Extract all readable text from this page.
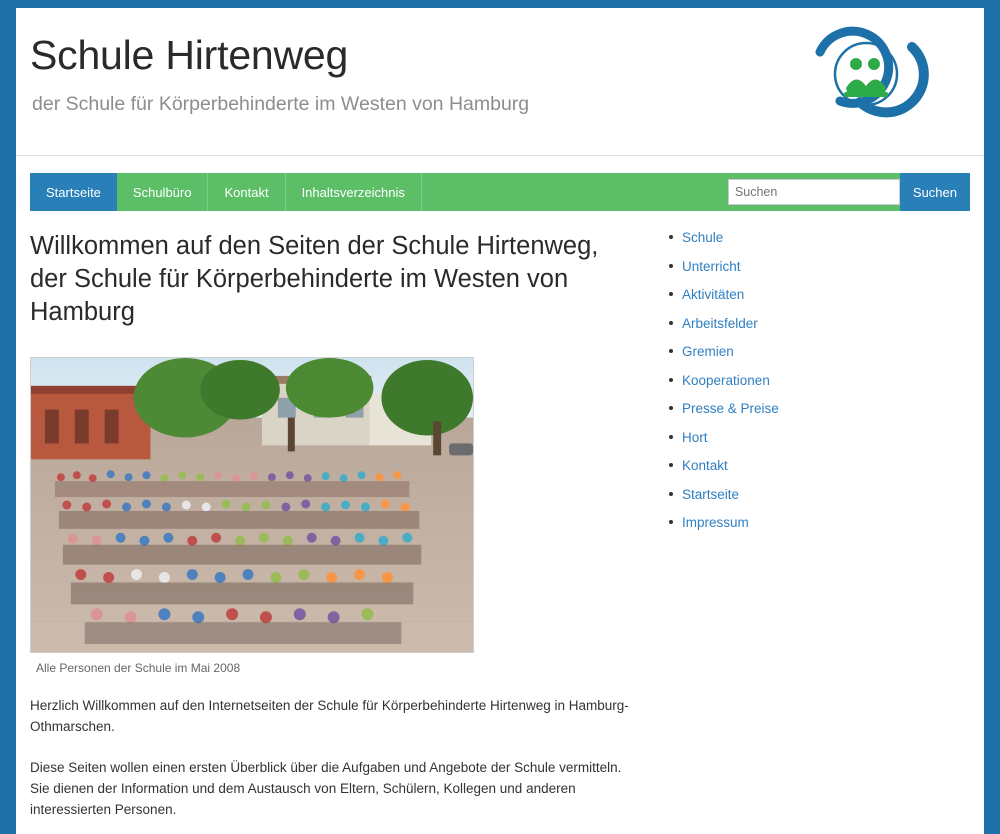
Schule Hirtenweg
der Schule für Körperbehinderte im Westen von Hamburg
Startseite Schulbüro	Kontakt	Inhaltsverzeichnis
Suchen	Suchen
Willkommen auf den Seiten der Schule Hirtenweg, der Schule für Körperbehinderte im Westen von Hamburg
Alle Personen der Schule im Mai 2008

Herzlich Willkommen auf den Internetseiten der Schule für Körperbehinderte Hirtenweg in Hamburg-Othmarschen.

Diese Seiten wollen einen ersten Überblick über die Aufgaben und Angebote der Schule vermitteln. Sie dienen der Information und dem Austausch von Eltern, Schülern, Kollegen und anderen interessierten Personen.

Schule
Unterricht
Aktivitäten
Arbeitsfelder
Gremien
Kooperationen
Presse & Preise
Hort
Kontakt
Startseite
Impressum
